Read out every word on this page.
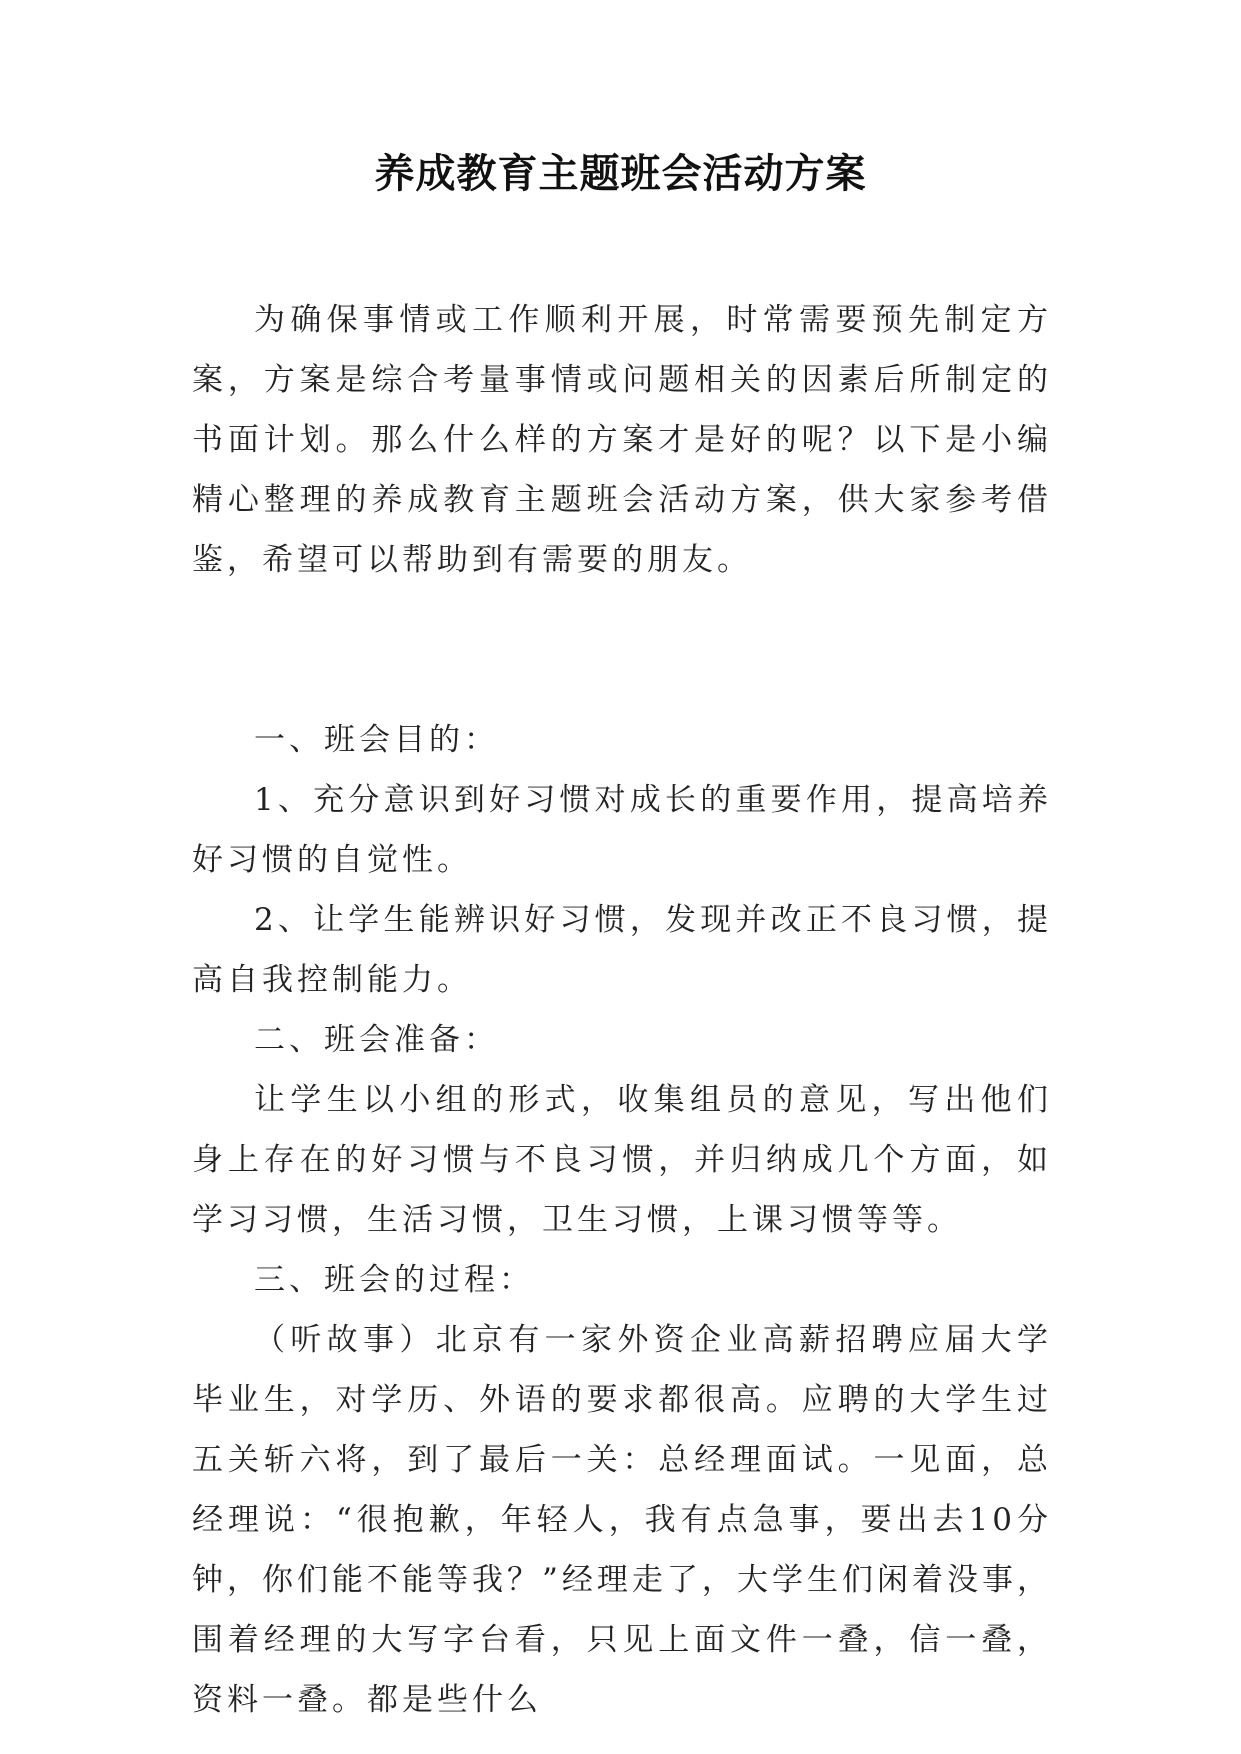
养成教育主题班会活动方案

为确保事情或工作顺利开展，时常需要预先制定方案，方案是综合考量事情或问题相关的因素后所制定的书面计划。那么什么样的方案才是好的呢？以下是小编精心整理的养成教育主题班会活动方案，供大家参考借鉴，希望可以帮助到有需要的朋友。

一、班会目的：

1、充分意识到好习惯对成长的重要作用，提高培养好习惯的自觉性。

2、让学生能辨识好习惯，发现并改正不良习惯，提高自我控制能力。

二、班会准备：

让学生以小组的形式，收集组员的意见，写出他们身上存在的好习惯与不良习惯，并归纳成几个方面，如学习习惯，生活习惯，卫生习惯，上课习惯等等。

三、班会的过程：

（听故事）北京有一家外资企业高薪招聘应届大学毕业生，对学历、外语的要求都很高。应聘的大学生过五关斩六将，到了最后一关：总经理面试。一见面，总经理说：“很抱歉，年轻人，我有点急事，要出去10分钟，你们能不能等我？”经理走了，大学生们闲着没事，围着经理的大写字台看，只见上面文件一叠，信一叠，资料一叠。都是些什么
